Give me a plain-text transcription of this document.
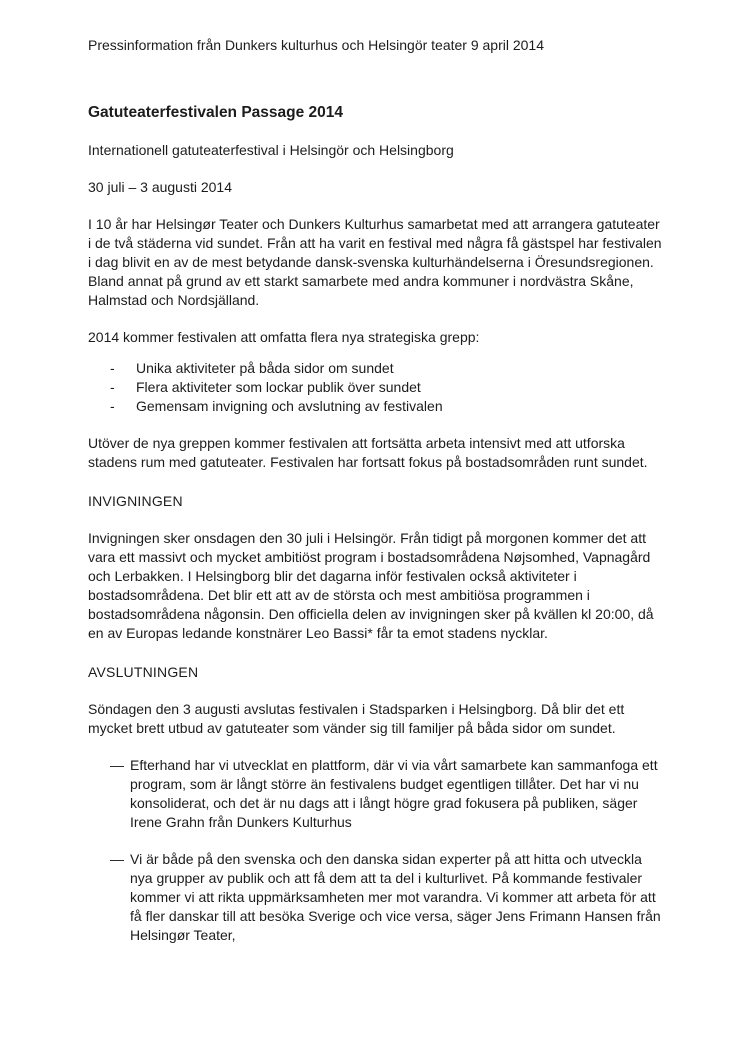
Pressinformation från Dunkers kulturhus och Helsingör teater 9 april 2014

Gatuteaterfestivalen Passage 2014

Internationell gatuteaterfestival i Helsingör och Helsingborg

30 juli – 3 augusti 2014

I 10 år har Helsingør Teater och Dunkers Kulturhus samarbetat med att arrangera gatuteater i de två städerna vid sundet. Från att ha varit en festival med några få gästspel har festivalen i dag blivit en av de mest betydande dansk-svenska kulturhändelserna i Öresundsregionen. Bland annat på grund av ett starkt samarbete med andra kommuner i nordvästra Skåne, Halmstad och Nordsjälland.

2014 kommer festivalen att omfatta flera nya strategiska grepp:

-	Unika aktiviteter på båda sidor om sundet
-	Flera aktiviteter som lockar publik över sundet
-	Gemensam invigning och avslutning av festivalen

Utöver de nya greppen kommer festivalen att fortsätta arbeta intensivt med att utforska stadens rum med gatuteater. Festivalen har fortsatt fokus på bostadsområden runt sundet.

INVIGNINGEN

Invigningen sker onsdagen den 30 juli i Helsingör. Från tidigt på morgonen kommer det att vara ett massivt och mycket ambitiöst program i bostadsområdena Nøjsomhed, Vapnagård och Lerbakken. I Helsingborg blir det dagarna inför festivalen också aktiviteter i bostadsområdena. Det blir ett att av de största och mest ambitiösa programmen i bostadsområdena någonsin. Den officiella delen av invigningen sker på kvällen kl 20:00, då en av Europas ledande konstnärer Leo Bassi* får ta emot stadens nycklar.

AVSLUTNINGEN

Söndagen den 3 augusti avslutas festivalen i Stadsparken i Helsingborg. Då blir det ett mycket brett utbud av gatuteater som vänder sig till familjer på båda sidor om sundet.

— Efterhand har vi utvecklat en plattform, där vi via vårt samarbete kan sammanfoga ett program, som är långt större än festivalens budget egentligen tillåter. Det har vi nu konsoliderat, och det är nu dags att i långt högre grad fokusera på publiken, säger Irene Grahn från Dunkers Kulturhus
— Vi är både på den svenska och den danska sidan experter på att hitta och utveckla nya grupper av publik och att få dem att ta del i kulturlivet. På kommande festivaler kommer vi att rikta uppmärksamheten mer mot varandra. Vi kommer att arbeta för att få fler danskar till att besöka Sverige och vice versa, säger Jens Frimann Hansen från Helsingør Teater,
